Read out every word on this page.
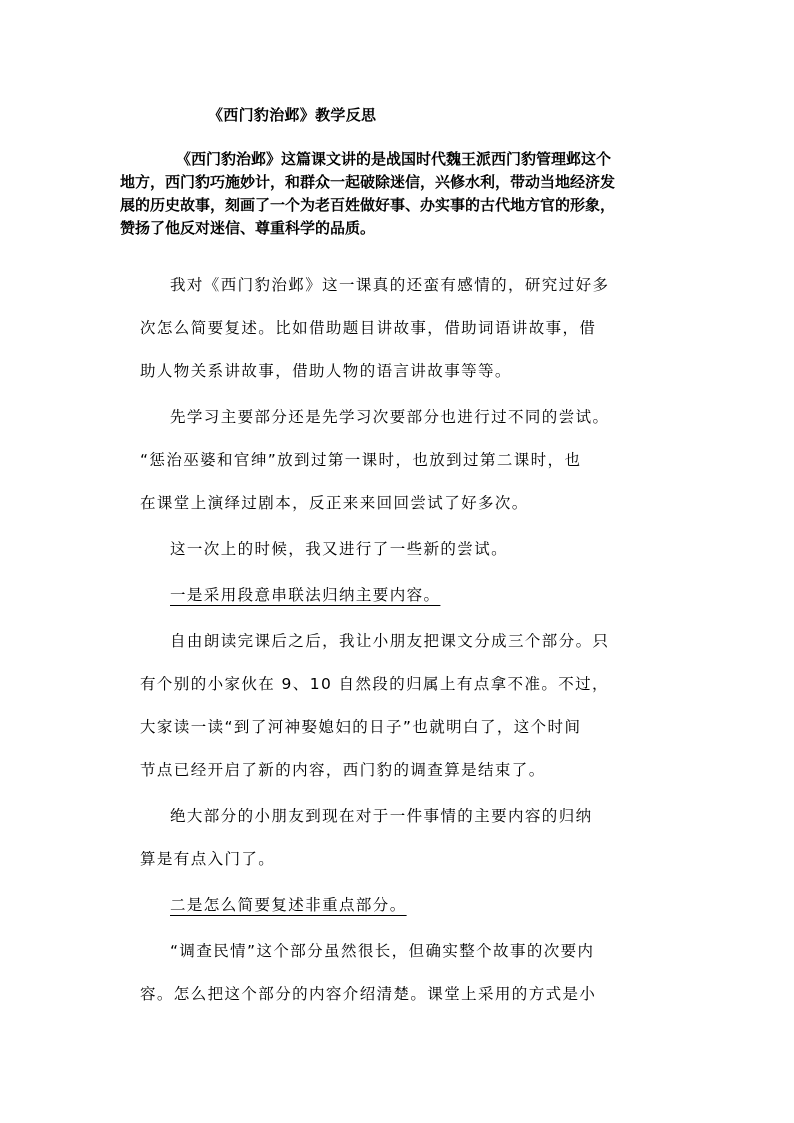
《西门豹治邺》教学反思
《西门豹治邺》这篇课文讲的是战国时代魏王派西门豹管理邺这个
地方，西门豹巧施妙计，和群众一起破除迷信，兴修水利，带动当地经济发
展的历史故事，刻画了一个为老百姓做好事、办实事的古代地方官的形象，
赞扬了他反对迷信、尊重科学的品质。
我对《西门豹治邺》这一课真的还蛮有感情的，研究过好多
次怎么简要复述。比如借助题目讲故事，借助词语讲故事，借
助人物关系讲故事，借助人物的语言讲故事等等。
先学习主要部分还是先学习次要部分也进行过不同的尝试。
“惩治巫婆和官绅”放到过第一课时，也放到过第二课时，也
在课堂上演绎过剧本，反正来来回回尝试了好多次。
这一次上的时候，我又进行了一些新的尝试。
一是采用段意串联法归纳主要内容。
自由朗读完课后之后，我让小朋友把课文分成三个部分。只
有个别的小家伙在 9、10 自然段的归属上有点拿不准。不过，
大家读一读“到了河神娶媳妇的日子”也就明白了，这个时间
节点已经开启了新的内容，西门豹的调查算是结束了。
绝大部分的小朋友到现在对于一件事情的主要内容的归纳
算是有点入门了。
二是怎么简要复述非重点部分。
“调查民情”这个部分虽然很长，但确实整个故事的次要内
容。怎么把这个部分的内容介绍清楚。课堂上采用的方式是小
